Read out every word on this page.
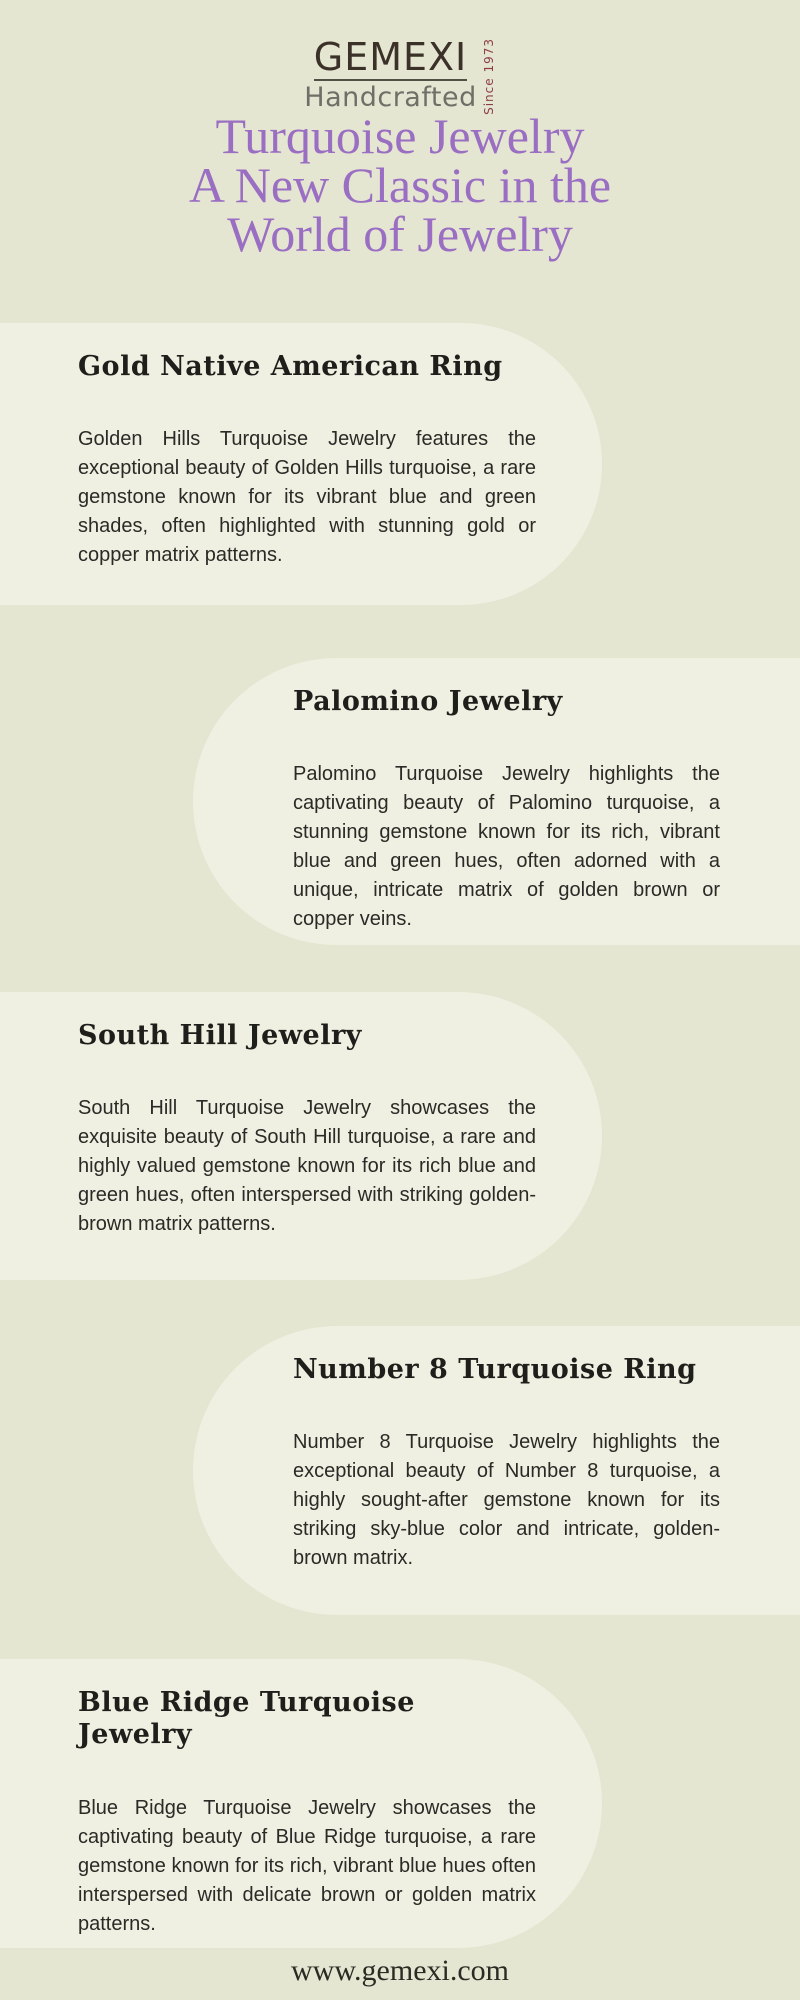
GEMEXI
Handcrafted Since 1973
Turquoise Jewelry
A New Classic in the
World of Jewelry
Gold Native American Ring

Golden Hills Turquoise Jewelry features the exceptional beauty of Golden Hills turquoise, a rare gemstone known for its vibrant blue and green shades, often highlighted with stunning gold or copper matrix patterns.

Palomino Jewelry

Palomino Turquoise Jewelry highlights the captivating beauty of Palomino turquoise, a stunning gemstone known for its rich, vibrant blue and green hues, often adorned with a unique, intricate matrix of golden brown or copper veins.

South Hill Jewelry

South Hill Turquoise Jewelry showcases the exquisite beauty of South Hill turquoise, a rare and highly valued gemstone known for its rich blue and green hues, often interspersed with striking golden-brown matrix patterns.

Number 8 Turquoise Ring

Number 8 Turquoise Jewelry highlights the exceptional beauty of Number 8 turquoise, a highly sought-after gemstone known for its striking sky-blue color and intricate, golden-brown matrix.

Blue Ridge Turquoise Jewelry

Blue Ridge Turquoise Jewelry showcases the captivating beauty of Blue Ridge turquoise, a rare gemstone known for its rich, vibrant blue hues often interspersed with delicate brown or golden matrix patterns.

www.gemexi.com
